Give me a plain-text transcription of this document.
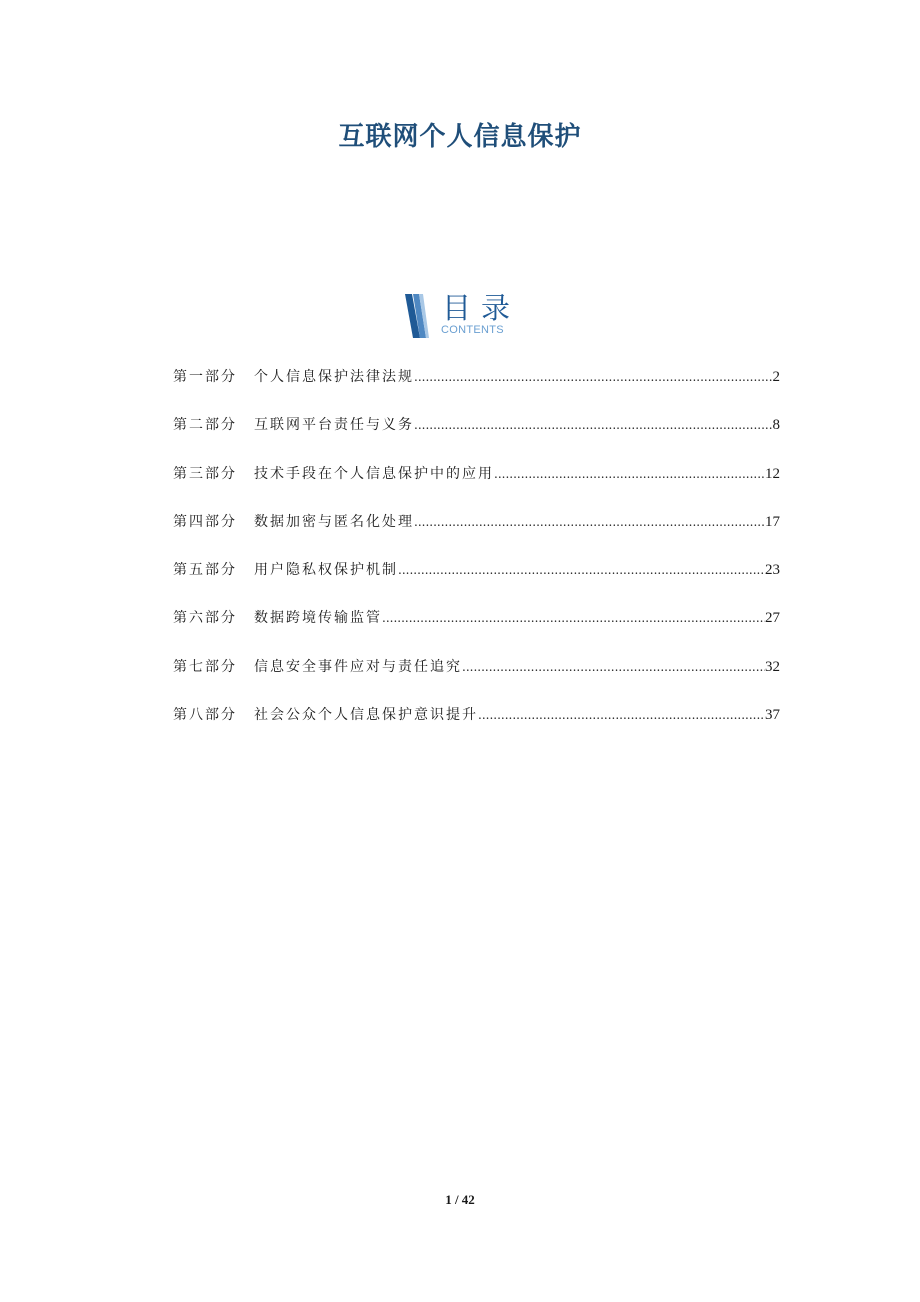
互联网个人信息保护
目录
CONTENTS
第一部分	个人信息保护法律法规 .....	2
第二部分	互联网平台责任与义务 .....	8
第三部分	技术手段在个人信息保护中的应用 .....	12
第四部分	数据加密与匿名化处理 .....	17
第五部分	用户隐私权保护机制 .....	23
第六部分	数据跨境传输监管 .....	27
第七部分	信息安全事件应对与责任追究 .....	32
第八部分	社会公众个人信息保护意识提升 .....	37
1 / 42
